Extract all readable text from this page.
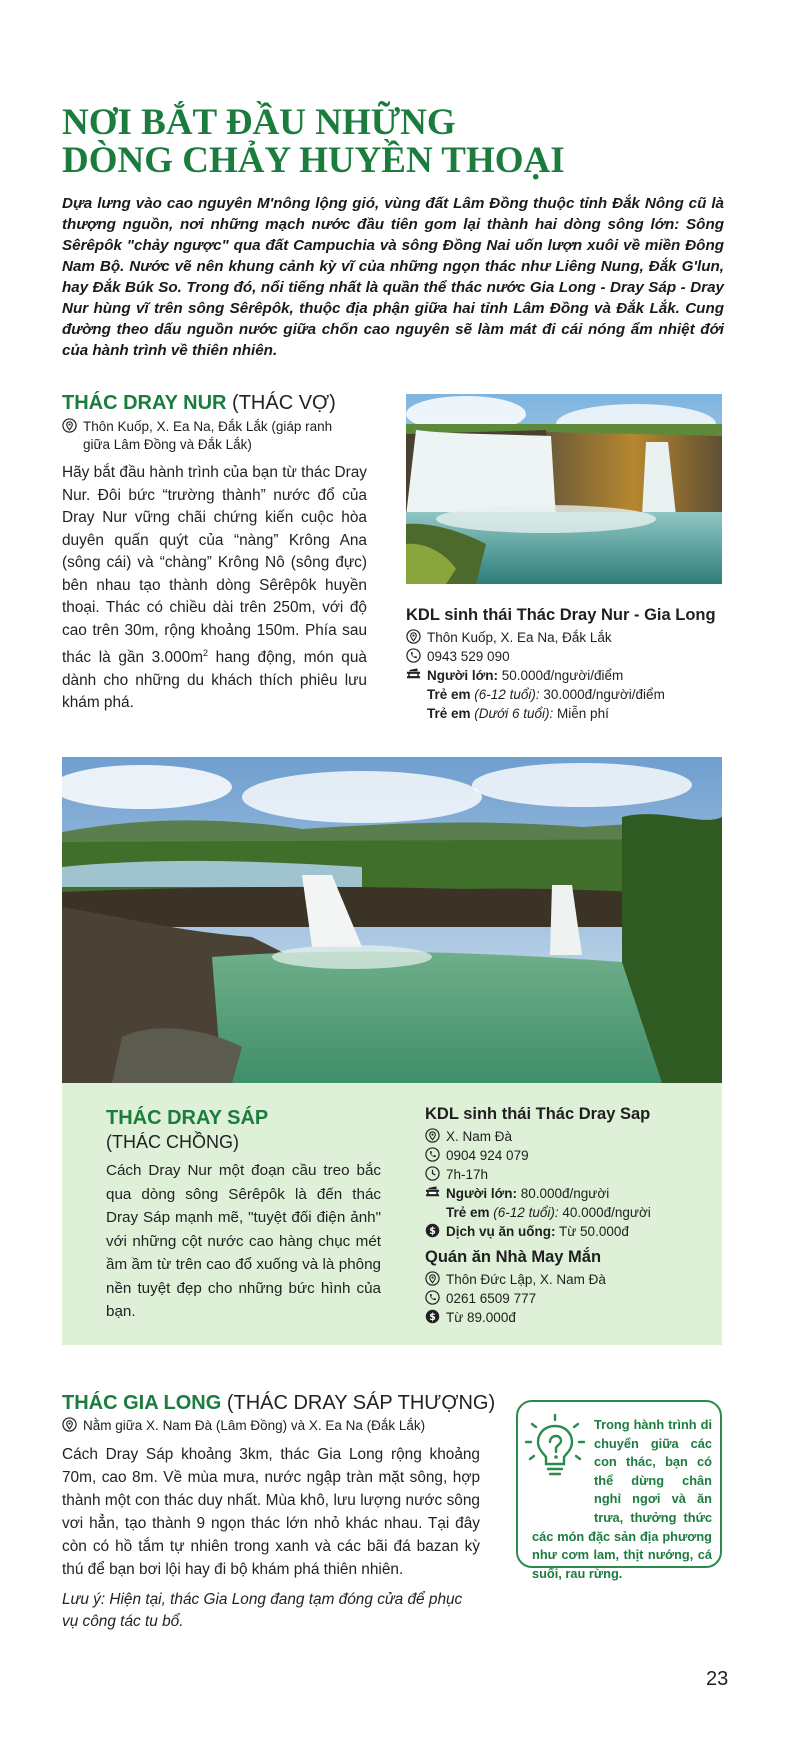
NƠI BẮT ĐẦU NHỮNG
DÒNG CHẢY HUYỀN THOẠI

Dựa lưng vào cao nguyên M'nông lộng gió, vùng đất Lâm Đồng thuộc tỉnh Đắk Nông cũ là thượng nguồn, nơi những mạch nước đầu tiên gom lại thành hai dòng sông lớn: Sông Sêrêpôk "chảy ngược" qua đất Campuchia và sông Đồng Nai uốn lượn xuôi về miền Đông Nam Bộ. Nước vẽ nên khung cảnh kỳ vĩ của những ngọn thác như Liêng Nung, Đắk G'lun, hay Đắk Búk So. Trong đó, nổi tiếng nhất là quần thể thác nước Gia Long - Dray Sáp - Dray Nur hùng vĩ trên sông Sêrêpôk, thuộc địa phận giữa hai tỉnh Lâm Đồng và Đắk Lắk. Cung đường theo dấu nguồn nước giữa chốn cao nguyên sẽ làm mát đi cái nóng ẩm nhiệt đới của hành trình về thiên nhiên.

THÁC DRAY NUR (THÁC VỢ)
Thôn Kuốp, X. Ea Na, Đắk Lắk (giáp ranh
giữa Lâm Đồng và Đắk Lắk)

Hãy bắt đầu hành trình của bạn từ thác Dray Nur. Đôi bức “trường thành” nước đổ của Dray Nur vững chãi chứng kiến cuộc hòa duyên quấn quýt của “nàng” Krông Ana (sông cái) và “chàng” Krông Nô (sông đực) bên nhau tạo thành dòng Sêrêpôk huyền thoại. Thác có chiều dài trên 250m, với độ cao trên 30m, rộng khoảng 150m. Phía sau thác là gần $3.000m^2$ hang động, món quà dành cho những du khách thích phiêu lưu khám phá.

KDL sinh thái Thác Dray Nur - Gia Long
Thôn Kuốp, X. Ea Na, Đắk Lắk
0943 529 090
Người lớn: 50.000đ/người/điểm
Trẻ em (6-12 tuổi): 30.000đ/người/điểm
Trẻ em (Dưới 6 tuổi): Miễn phí
THÁC DRAY SÁP
(THÁC CHỒNG)

Cách Dray Nur một đoạn cầu treo bắc qua dòng sông Sêrêpôk là đến thác Dray Sáp mạnh mẽ, "tuyệt đối điện ảnh" với những cột nước cao hàng chục mét ầm ầm từ trên cao đổ xuống và là phông nền tuyệt đẹp cho những bức hình của bạn.

KDL sinh thái Thác Dray Sap
X. Nam Đà
0904 924 079
7h-17h
Người lớn: 80.000đ/người
Trẻ em (6-12 tuổi): 40.000đ/người
$ Dịch vụ ăn uống: Từ 50.000đ
Quán ăn Nhà May Mắn
Thôn Đức Lập, X. Nam Đà
0261 6509 777
$ Từ 89.000đ
THÁC GIA LONG (THÁC DRAY SÁP THƯỢNG)
Nằm giữa X. Nam Đà (Lâm Đồng) và X. Ea Na (Đắk Lắk)

Cách Dray Sáp khoảng 3km, thác Gia Long rộng khoảng 70m, cao 8m. Về mùa mưa, nước ngập tràn mặt sông, hợp thành một con thác duy nhất. Mùa khô, lưu lượng nước sông vơi hẳn, tạo thành 9 ngọn thác lớn nhỏ khác nhau. Tại đây còn có hồ tắm tự nhiên trong xanh và các bãi đá bazan kỳ thú để bạn bơi lội hay đi bộ khám phá thiên nhiên.

Lưu ý: Hiện tại, thác Gia Long đang tạm đóng cửa để phục vụ công tác tu bổ.

Trong hành trình di chuyển giữa các con thác, bạn có thể dừng chân nghỉ ngơi và ăn trưa, thưởng thức các món đặc sản địa phương như cơm lam, thịt nướng, cá suối, rau rừng.

23
